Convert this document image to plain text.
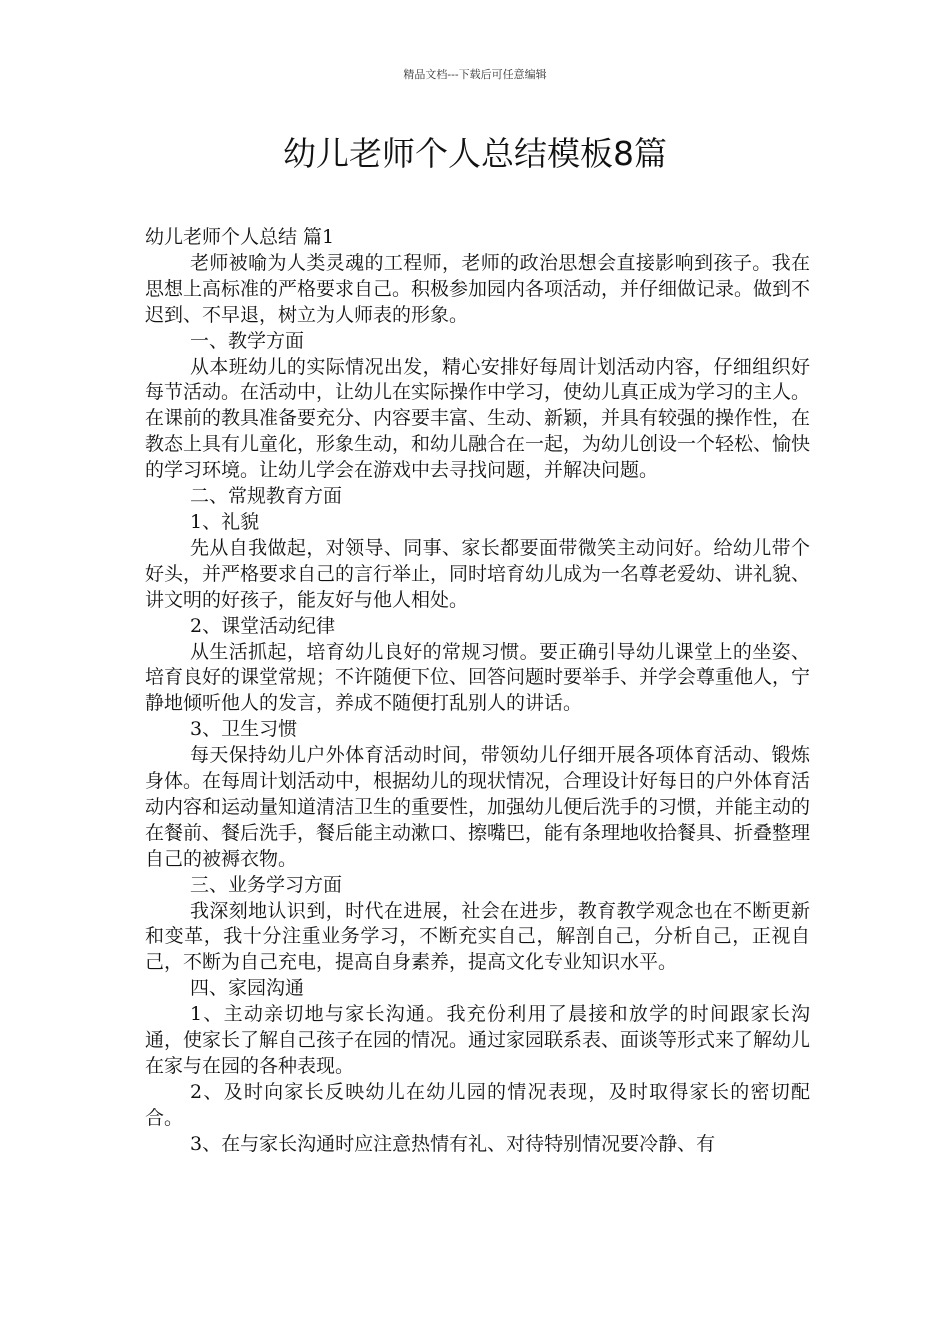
精品文档---下载后可任意编辑
幼儿老师个人总结模板8篇

幼儿老师个人总结 篇1

老师被喻为人类灵魂的工程师，老师的政治思想会直接影响到孩子。我在思想上高标准的严格要求自己。积极参加园内各项活动，并仔细做记录。做到不迟到、不早退，树立为人师表的形象。

一、教学方面

从本班幼儿的实际情况出发，精心安排好每周计划活动内容，仔细组织好每节活动。在活动中，让幼儿在实际操作中学习，使幼儿真正成为学习的主人。在课前的教具准备要充分、内容要丰富、生动、新颖，并具有较强的操作性，在教态上具有儿童化，形象生动，和幼儿融合在一起，为幼儿创设一个轻松、愉快的学习环境。让幼儿学会在游戏中去寻找问题，并解决问题。

二、常规教育方面

1、礼貌

先从自我做起，对领导、同事、家长都要面带微笑主动问好。给幼儿带个好头，并严格要求自己的言行举止，同时培育幼儿成为一名尊老爱幼、讲礼貌、讲文明的好孩子，能友好与他人相处。

2、课堂活动纪律

从生活抓起，培育幼儿良好的常规习惯。要正确引导幼儿课堂上的坐姿、培育良好的课堂常规；不许随便下位、回答问题时要举手、并学会尊重他人，宁静地倾听他人的发言，养成不随便打乱别人的讲话。

3、卫生习惯

每天保持幼儿户外体育活动时间，带领幼儿仔细开展各项体育活动、锻炼身体。在每周计划活动中，根据幼儿的现状情况，合理设计好每日的户外体育活动内容和运动量知道清洁卫生的重要性，加强幼儿便后洗手的习惯，并能主动的在餐前、餐后洗手，餐后能主动漱口、擦嘴巴，能有条理地收拾餐具、折叠整理自己的被褥衣物。

三、业务学习方面

我深刻地认识到，时代在进展，社会在进步，教育教学观念也在不断更新和变革，我十分注重业务学习，不断充实自己，解剖自己，分析自己，正视自己，不断为自己充电，提高自身素养，提高文化专业知识水平。

四、家园沟通

1、主动亲切地与家长沟通。我充份利用了晨接和放学的时间跟家长沟通，使家长了解自己孩子在园的情况。通过家园联系表、面谈等形式来了解幼儿在家与在园的各种表现。

2、及时向家长反映幼儿在幼儿园的情况表现，及时取得家长的密切配合。

3、在与家长沟通时应注意热情有礼、对待特别情况要冷静、有
